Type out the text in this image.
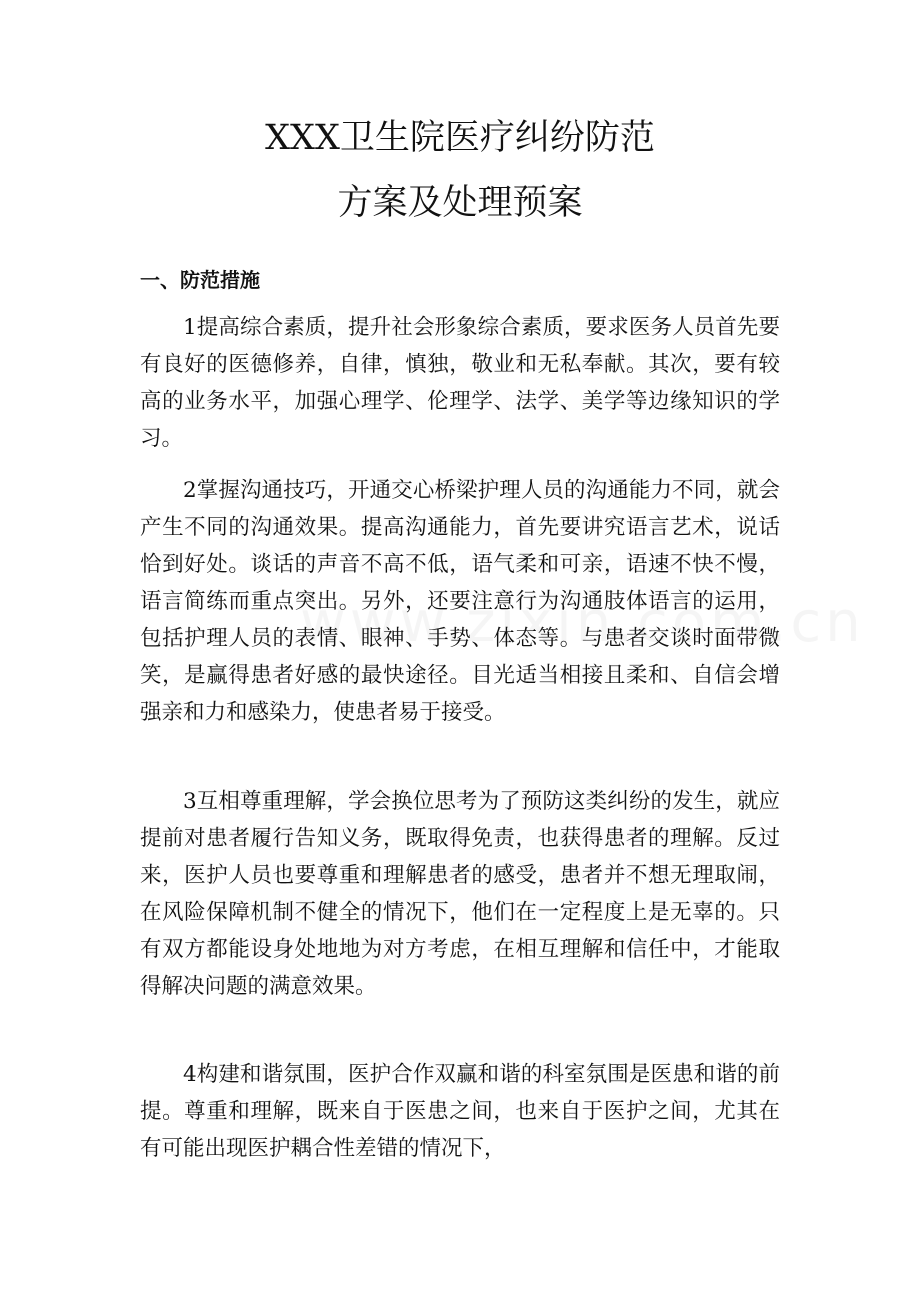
XXX卫生院医疗纠纷防范
方案及处理预案
一、防范措施

1提高综合素质，提升社会形象综合素质，要求医务人员首先要有良好的医德修养，自律，慎独，敬业和无私奉献。其次，要有较高的业务水平，加强心理学、伦理学、法学、美学等边缘知识的学习。

2掌握沟通技巧，开通交心桥梁护理人员的沟通能力不同，就会产生不同的沟通效果。提高沟通能力，首先要讲究语言艺术，说话恰到好处。谈话的声音不高不低，语气柔和可亲，语速不快不慢，语言简练而重点突出。另外，还要注意行为沟通肢体语言的运用，包括护理人员的表情、眼神、手势、体态等。与患者交谈时面带微笑，是赢得患者好感的最快途径。目光适当相接且柔和、自信会增强亲和力和感染力，使患者易于接受。

3互相尊重理解，学会换位思考为了预防这类纠纷的发生，就应提前对患者履行告知义务，既取得免责，也获得患者的理解。反过来，医护人员也要尊重和理解患者的感受，患者并不想无理取闹，在风险保障机制不健全的情况下，他们在一定程度上是无辜的。只有双方都能设身处地地为对方考虑，在相互理解和信任中，才能取得解决问题的满意效果。

4构建和谐氛围，医护合作双赢和谐的科室氛围是医患和谐的前提。尊重和理解，既来自于医患之间，也来自于医护之间，尤其在有可能出现医护耦合性差错的情况下，
